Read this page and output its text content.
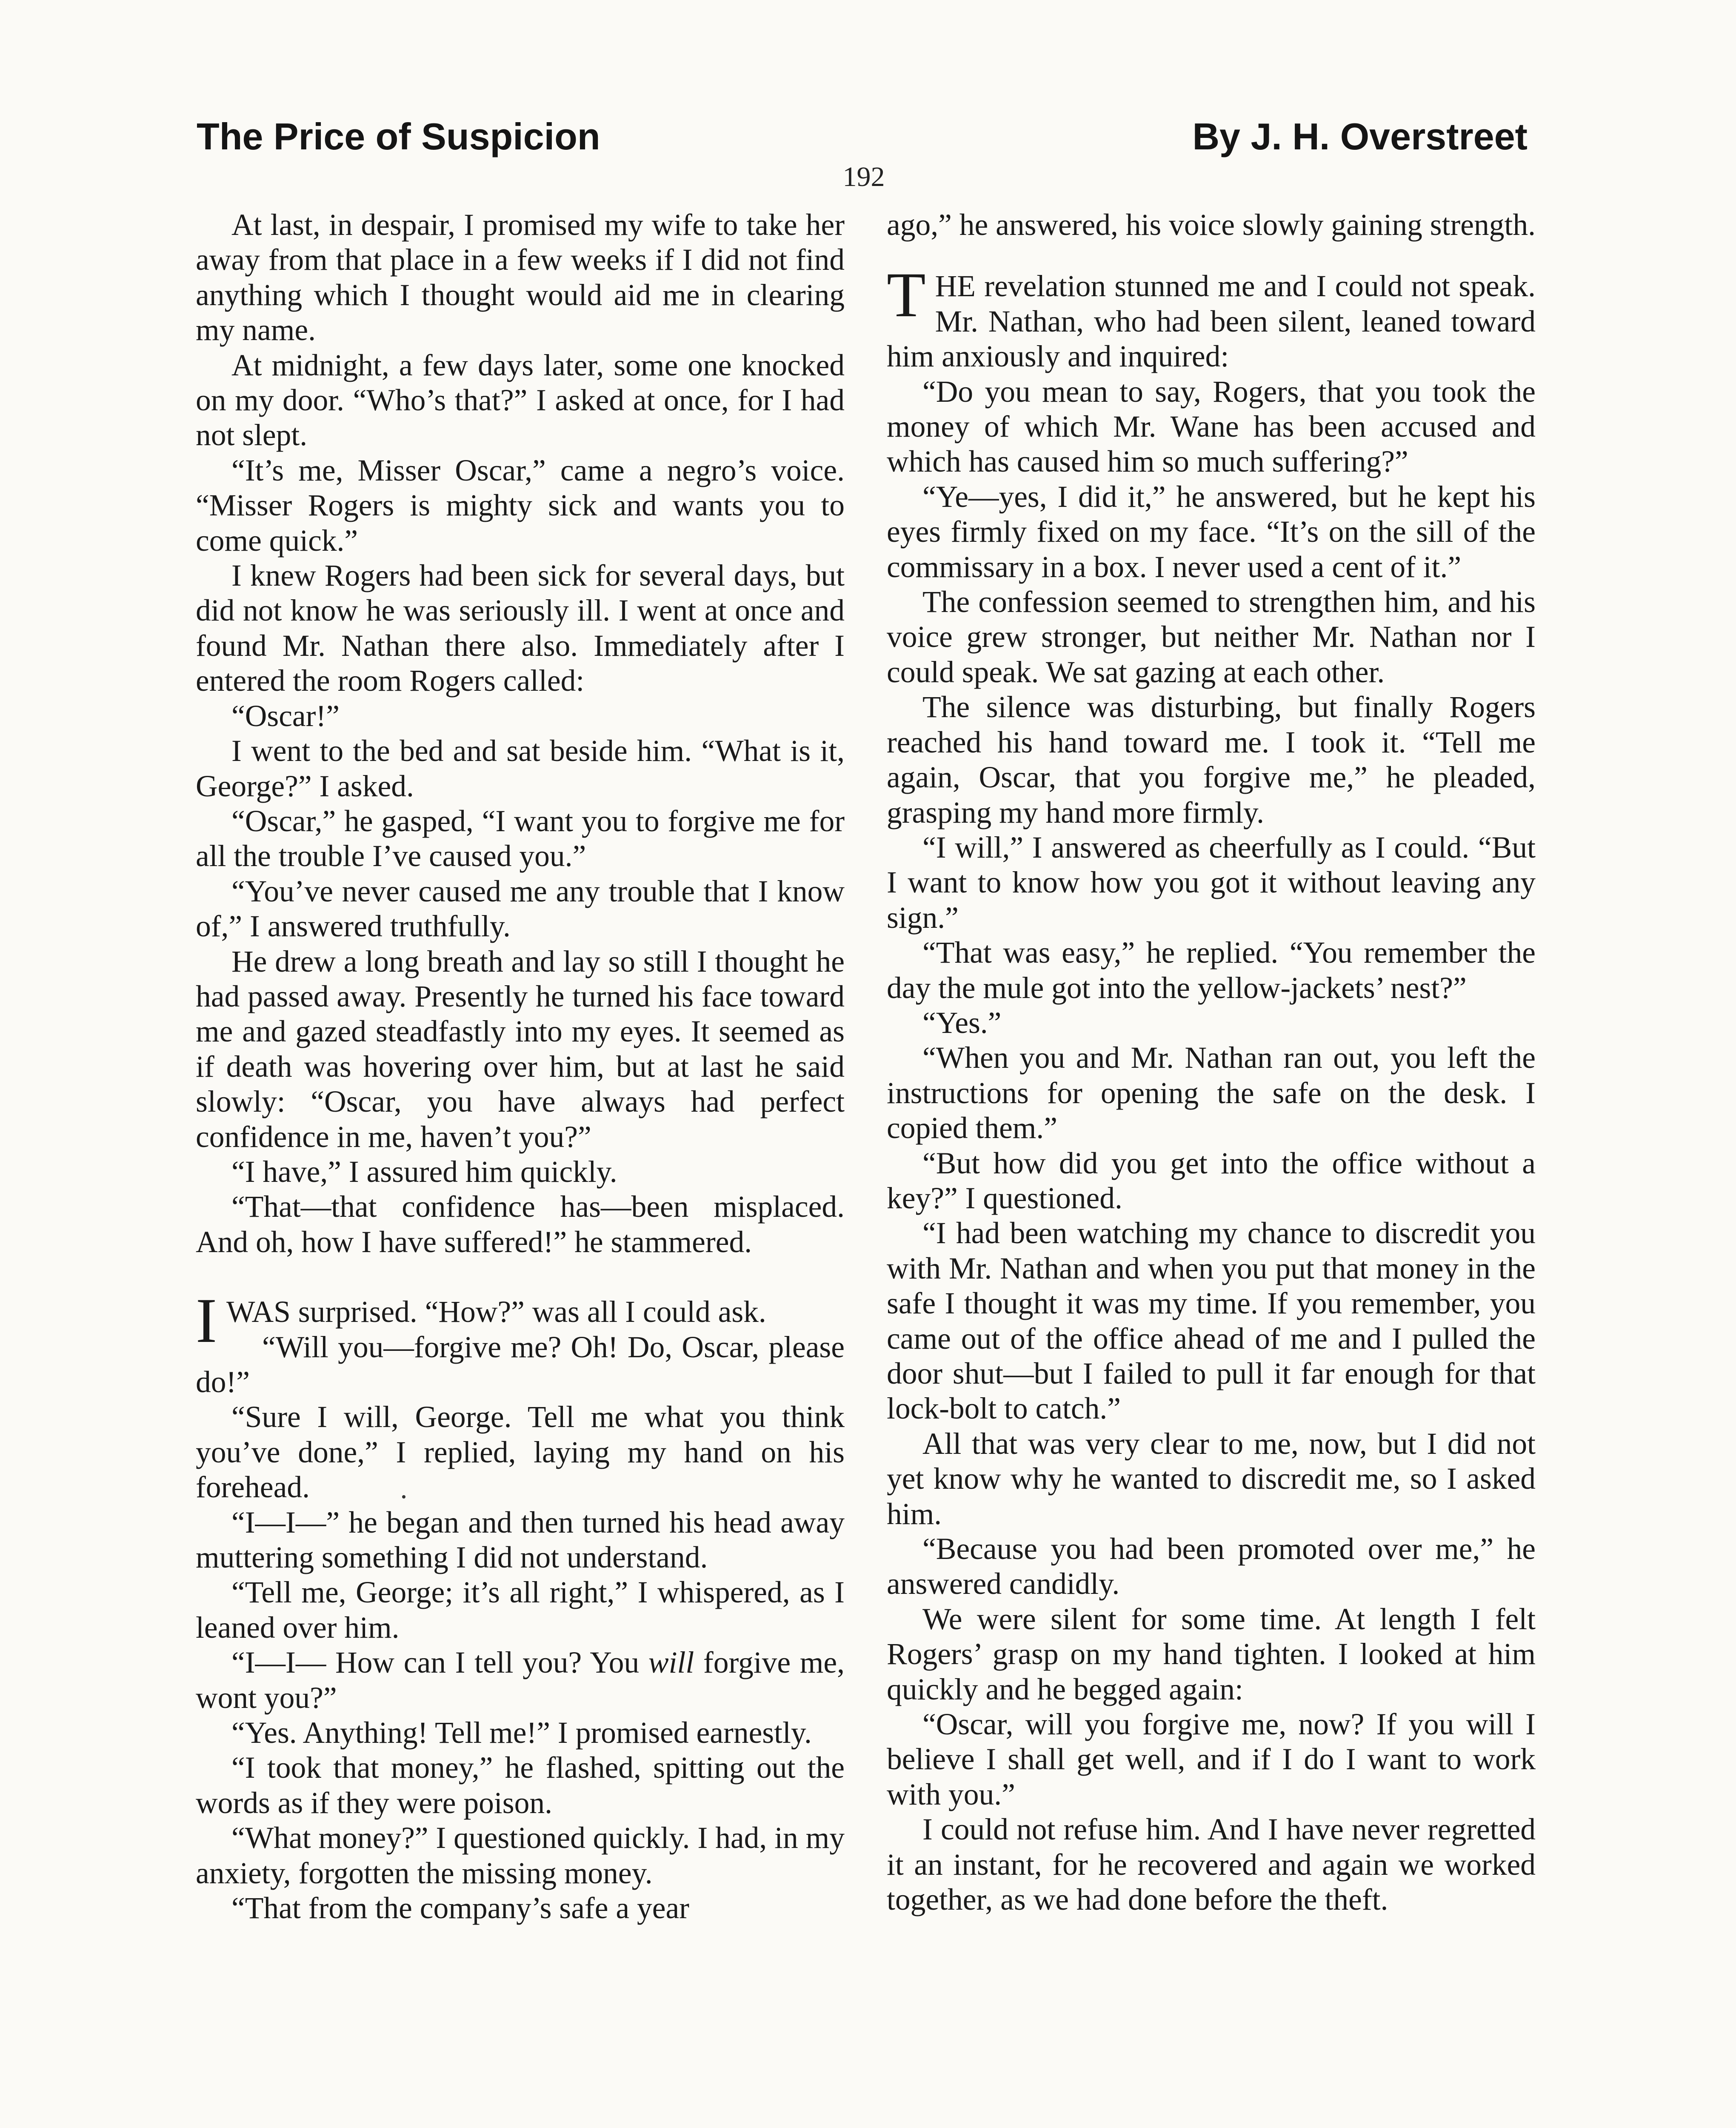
The Price of Suspicion	By J. H. Overstreet
192

At last, in despair, I promised my wife to take her away from that place in a few weeks if I did not find anything which I thought would aid me in clearing my name.

At midnight, a few days later, some one knocked on my door. “Who’s that?” I asked at once, for I had not slept.

“It’s me, Misser Oscar,” came a negro’s voice. “Misser Rogers is mighty sick and wants you to come quick.”

I knew Rogers had been sick for several days, but did not know he was seriously ill. I went at once and found Mr. Nathan there also. Immediately after I entered the room Rogers called:

“Oscar!”

I went to the bed and sat beside him. “What is it, George?” I asked.

“Oscar,” he gasped, “I want you to forgive me for all the trouble I’ve caused you.”

“You’ve never caused me any trouble that I know of,” I answered truthfully.

He drew a long breath and lay so still I thought he had passed away. Presently he turned his face toward me and gazed steadfastly into my eyes. It seemed as if death was hovering over him, but at last he said slowly: “Oscar, you have always had perfect confidence in me, haven’t you?”

“I have,” I assured him quickly.

“That—that confidence has—been misplaced. And oh, how I have suffered!” he stammered.

I WAS surprised. “How?” was all I could ask.

“Will you—forgive me? Oh! Do, Oscar, please do!”

“Sure I will, George. Tell me what you think you’ve done,” I replied, laying my hand on his forehead.

“I—I—” he began and then turned his head away muttering something I did not understand.

“Tell me, George; it’s all right,” I whispered, as I leaned over him.

“I—I— How can I tell you? You will forgive me, wont you?”

“Yes. Anything! Tell me!” I promised earnestly.

“I took that money,” he flashed, spitting out the words as if they were poison.

“What money?” I questioned quickly. I had, in my anxiety, forgotten the missing money.

“That from the company’s safe a year

ago,” he answered, his voice slowly gaining strength.

THE revelation stunned me and I could not speak. Mr. Nathan, who had been silent, leaned toward him anxiously and inquired:

“Do you mean to say, Rogers, that you took the money of which Mr. Wane has been accused and which has caused him so much suffering?”

“Ye—yes, I did it,” he answered, but he kept his eyes firmly fixed on my face. “It’s on the sill of the commissary in a box. I never used a cent of it.”

The confession seemed to strengthen him, and his voice grew stronger, but neither Mr. Nathan nor I could speak. We sat gazing at each other.

The silence was disturbing, but finally Rogers reached his hand toward me. I took it. “Tell me again, Oscar, that you forgive me,” he pleaded, grasping my hand more firmly.

“I will,” I answered as cheerfully as I could. “But I want to know how you got it without leaving any sign.”

“That was easy,” he replied. “You remember the day the mule got into the yellow-jackets’ nest?”

“Yes.”

“When you and Mr. Nathan ran out, you left the instructions for opening the safe on the desk. I copied them.”

“But how did you get into the office without a key?” I questioned.

“I had been watching my chance to discredit you with Mr. Nathan and when you put that money in the safe I thought it was my time. If you remember, you came out of the office ahead of me and I pulled the door shut—but I failed to pull it far enough for that lock-bolt to catch.”

All that was very clear to me, now, but I did not yet know why he wanted to discredit me, so I asked him.

“Because you had been promoted over me,” he answered candidly.

We were silent for some time. At length I felt Rogers’ grasp on my hand tighten. I looked at him quickly and he begged again:

“Oscar, will you forgive me, now? If you will I believe I shall get well, and if I do I want to work with you.”

I could not refuse him. And I have never regretted it an instant, for he recovered and again we worked together, as we had done before the theft.
